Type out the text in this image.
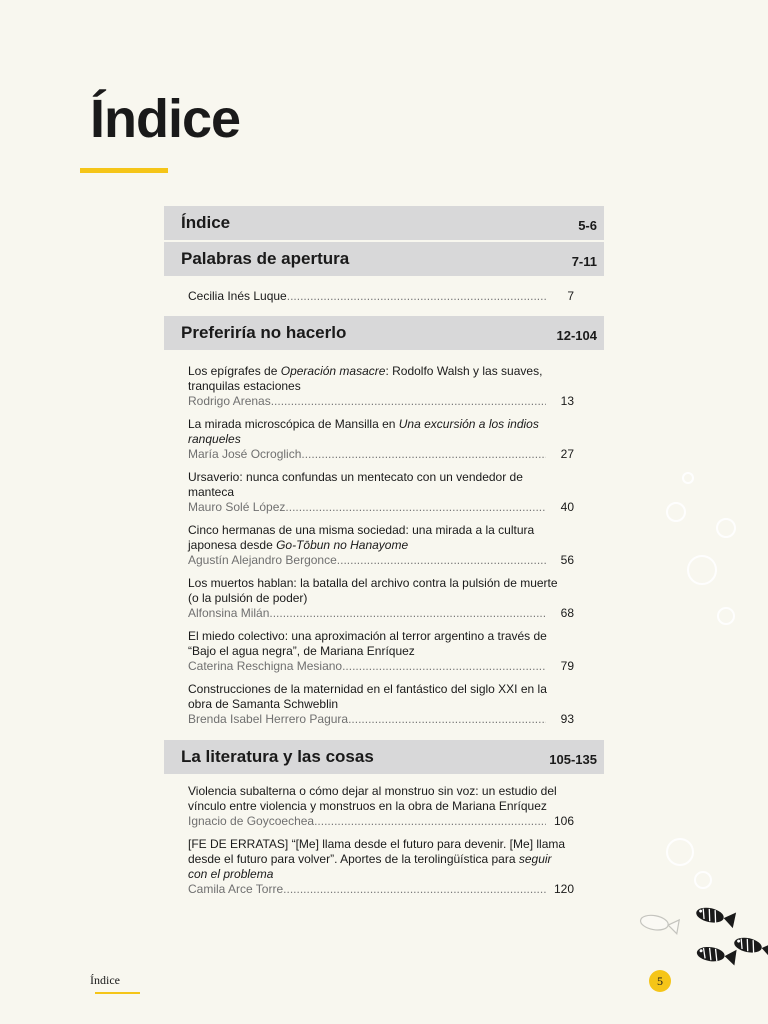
Índice
Índice	5-6
Palabras de apertura	7-11
Cecilia Inés Luque .....	7
Preferiría no hacerlo	12-104

Los epígrafes de Operación masacre: Rodolfo Walsh y las suaves, tranquilas estaciones

Rodrigo Arenas .....	13

La mirada microscópica de Mansilla en Una excursión a los indios ranqueles

María José Ocroglich .....	27

Ursaverio: nunca confundas un mentecato con un vendedor de manteca

Mauro Solé López .....	40

Cinco hermanas de una misma sociedad: una mirada a la cultura japonesa desde Go-Tōbun no Hanayome

Agustín Alejandro Bergonce .....	56

Los muertos hablan: la batalla del archivo contra la pulsión de muerte (o la pulsión de poder)

Alfonsina Milán .....	68

El miedo colectivo: una aproximación al terror argentino a través de “Bajo el agua negra”, de Mariana Enríquez

Caterina Reschigna Mesiano .....	79

Construcciones de la maternidad en el fantástico del siglo XXI en la obra de Samanta Schweblin

Brenda Isabel Herrero Pagura .....	93
La literatura y las cosas	105-135

Violencia subalterna o cómo dejar al monstruo sin voz: un estudio del vínculo entre violencia y monstruos en la obra de Mariana Enríquez

Ignacio de Goycoechea .....	106

[FE DE ERRATAS] “[Me] llama desde el futuro para devenir. [Me] llama desde el futuro para volver”. Aportes de la terolingüística para seguir con el problema

Camila Arce Torre .....	120
Índice	5
